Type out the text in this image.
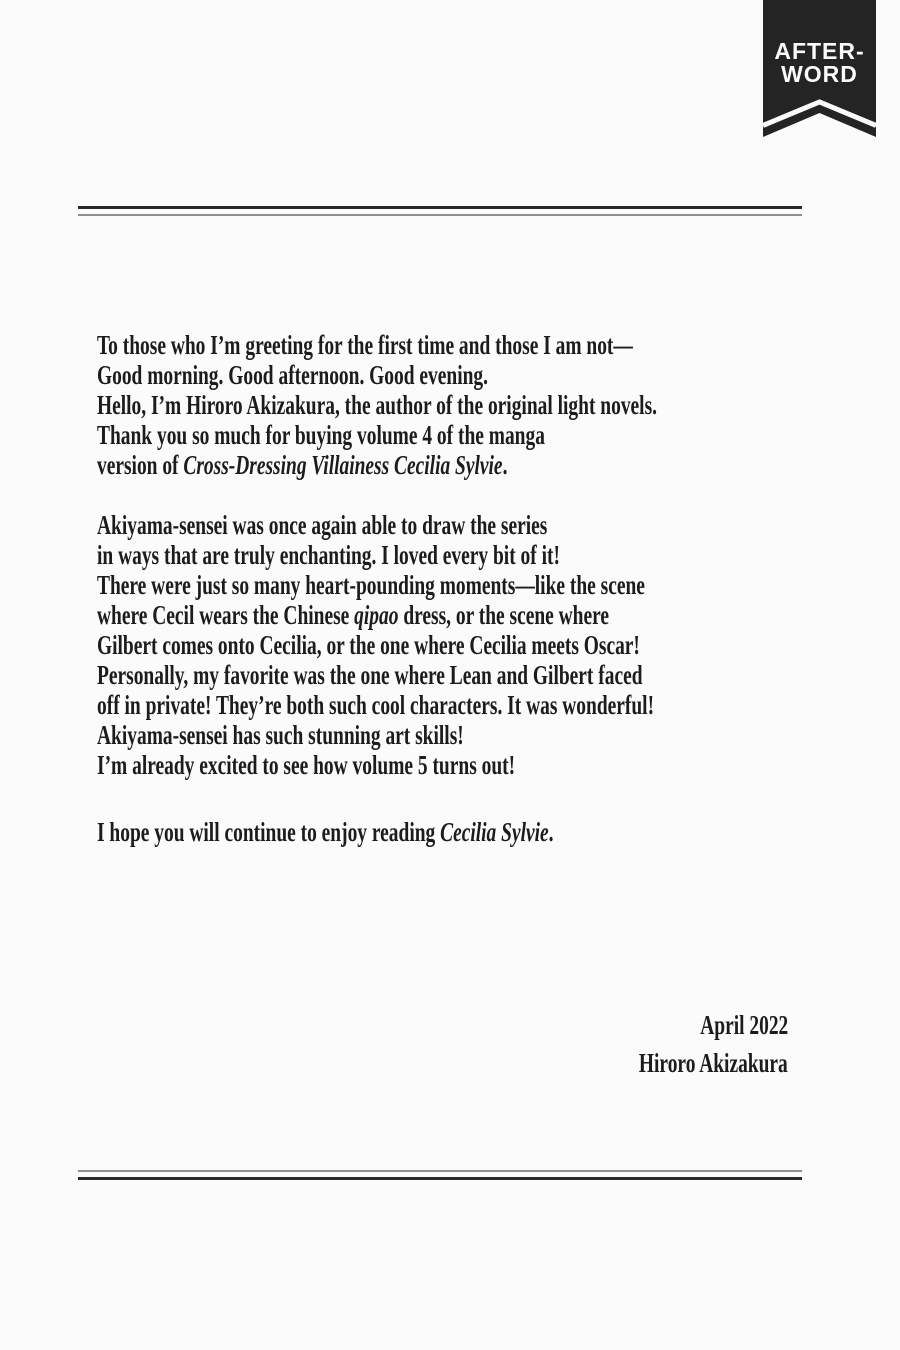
AFTER-
WORD
To those who I’m greeting for the first time and those I am not—
Good morning. Good afternoon. Good evening.
Hello, I’m Hiroro Akizakura, the author of the original light novels.
Thank you so much for buying volume 4 of the manga
version of Cross-Dressing Villainess Cecilia Sylvie.
Akiyama-sensei was once again able to draw the series
in ways that are truly enchanting. I loved every bit of it!
There were just so many heart-pounding moments—like the scene
where Cecil wears the Chinese qipao dress, or the scene where
Gilbert comes onto Cecilia, or the one where Cecilia meets Oscar!
Personally, my favorite was the one where Lean and Gilbert faced
off in private! They’re both such cool characters. It was wonderful!
Akiyama-sensei has such stunning art skills!
I’m already excited to see how volume 5 turns out!
I hope you will continue to enjoy reading Cecilia Sylvie.
April 2022
Hiroro Akizakura
